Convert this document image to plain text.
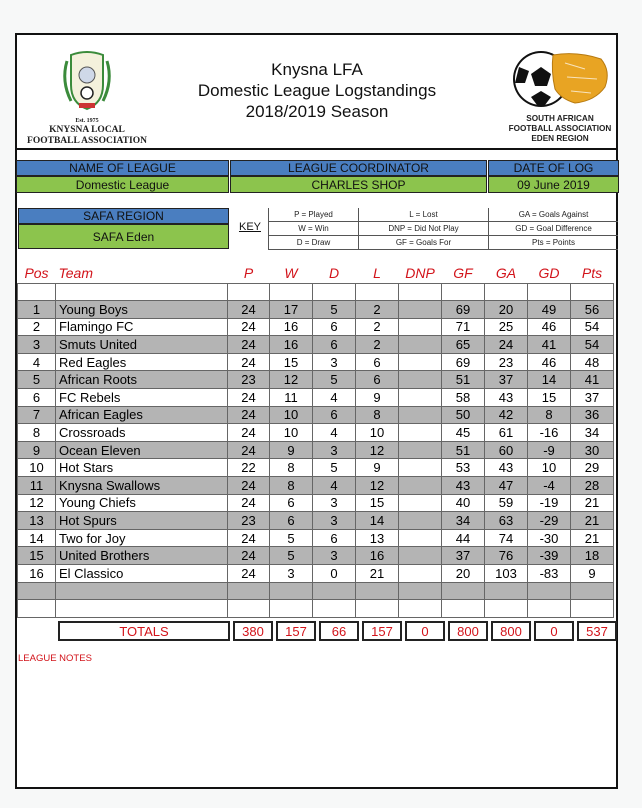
Est. 1975
KNYSNA LOCAL
FOOTBALL ASSOCIATION
Knysna LFA
Domestic League Logstandings
2018/2019 Season	SOUTH AFRICAN
FOOTBALL ASSOCIATION
EDEN REGION
NAME OF LEAGUE	LEAGUE COORDINATOR	DATE OF LOG
Domestic League	CHARLES SHOP	09 June 2019
SAFA REGION
SAFA Eden
KEY
P = Played	L = Lost	GA = Goals Against
W = Win	DNP = Did Not Play	GD = Goal Difference
D = Draw	GF = Goals For	Pts = Points
Pos	Team	P	W	D	L	DNP	GF	GA	GD	Pts

1	Young Boys	24	17	5	2		69	20	49	56
2	Flamingo FC	24	16	6	2		71	25	46	54
3	Smuts United	24	16	6	2		65	24	41	54
4	Red Eagles	24	15	3	6		69	23	46	48
5	African Roots	23	12	5	6		51	37	14	41
6	FC Rebels	24	11	4	9		58	43	15	37
7	African Eagles	24	10	6	8		50	42	8	36
8	Crossroads	24	10	4	10		45	61	-16	34
9	Ocean Eleven	24	9	3	12		51	60	-9	30
10	Hot Stars	22	8	5	9		53	43	10	29
11	Knysna Swallows	24	8	4	12		43	47	-4	28
12	Young Chiefs	24	6	3	15		40	59	-19	21
13	Hot Spurs	23	6	3	14		34	63	-29	21
14	Two for Joy	24	5	6	13		44	74	-30	21
15	United Brothers	24	5	3	16		37	76	-39	18
16	El Classico	24	3	0	21		20	103	-83	9

TOTALS	380	157	66	157	0	800	800	0	537
LEAGUE NOTES
